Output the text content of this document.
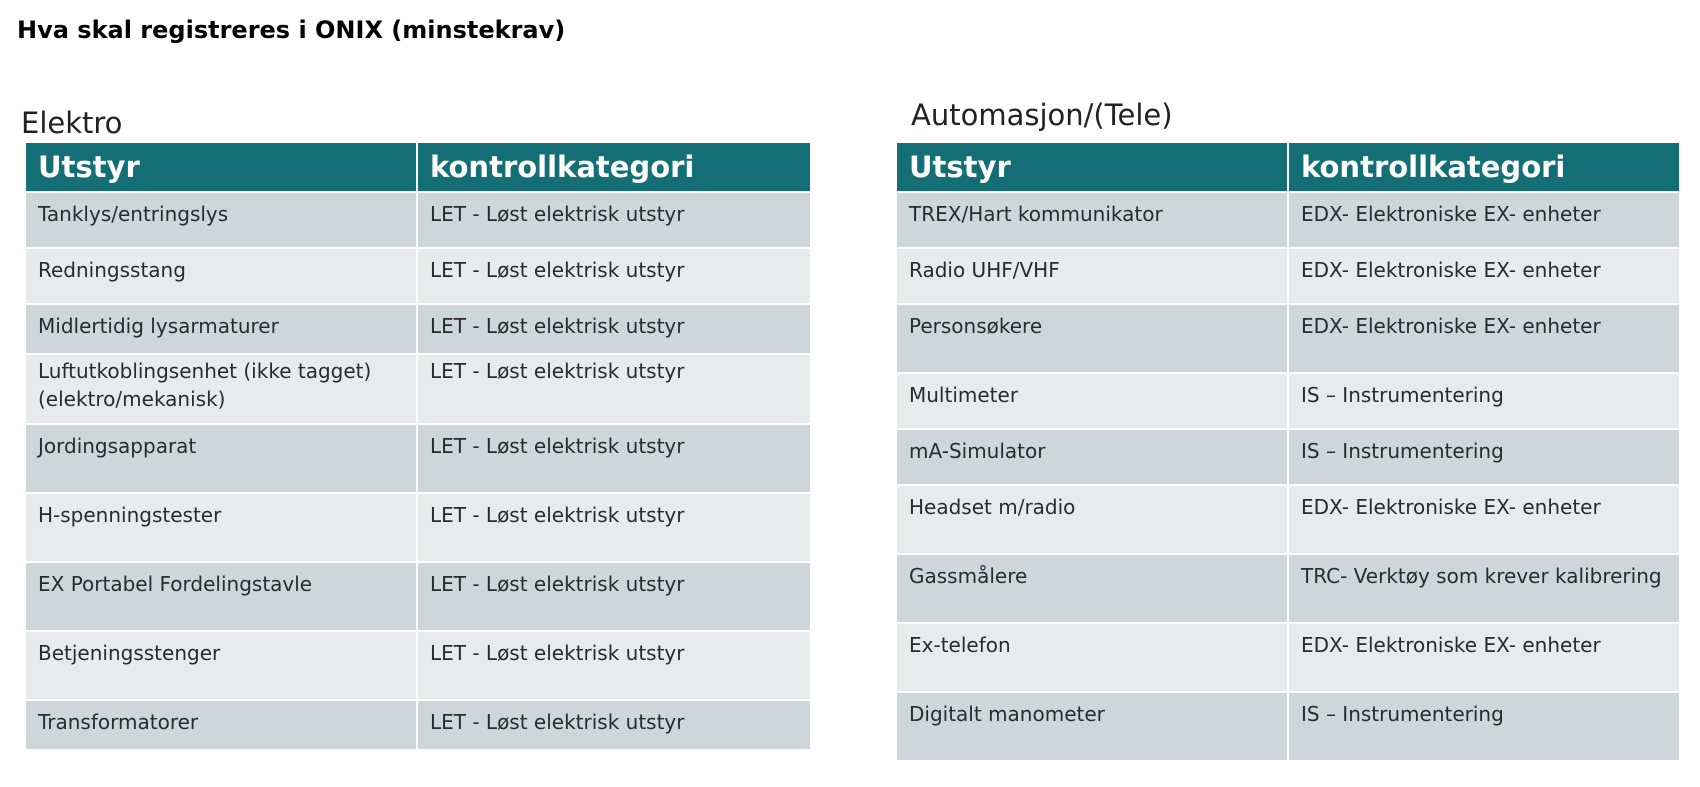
Hva skal registreres i ONIX (minstekrav)
Elektro
Utstyr	kontrollkategori
Tanklys/entringslys	LET - Løst elektrisk utstyr
Redningsstang	LET - Løst elektrisk utstyr
Midlertidig lysarmaturer	LET - Løst elektrisk utstyr
Luftutkoblingsenhet (ikke tagget) (elektro/mekanisk)	LET - Løst elektrisk utstyr
Jordingsapparat	LET - Løst elektrisk utstyr
H-spenningstester	LET - Løst elektrisk utstyr
EX Portabel Fordelingstavle	LET - Løst elektrisk utstyr
Betjeningsstenger	LET - Løst elektrisk utstyr
Transformatorer	LET - Løst elektrisk utstyr
Automasjon/(Tele)
Utstyr	kontrollkategori
TREX/Hart kommunikator	EDX- Elektroniske EX- enheter
Radio UHF/VHF	EDX- Elektroniske EX- enheter
Personsøkere	EDX- Elektroniske EX- enheter
Multimeter	IS – Instrumentering
mA-Simulator	IS – Instrumentering
Headset m/radio	EDX- Elektroniske EX- enheter
Gassmålere	TRC- Verktøy som krever kalibrering
Ex-telefon	EDX- Elektroniske EX- enheter
Digitalt manometer	IS – Instrumentering
